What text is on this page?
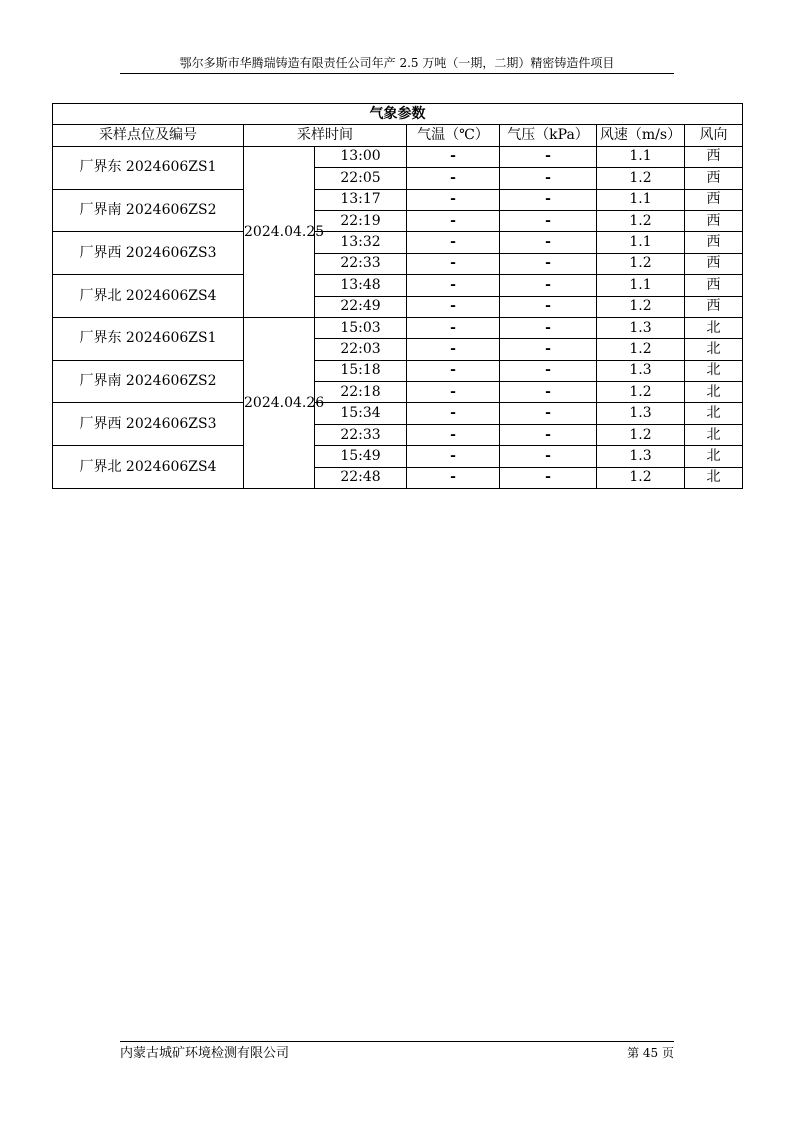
鄂尔多斯市华腾瑞铸造有限责任公司年产 2.5 万吨（一期，二期）精密铸造件项目
气象参数						
采样点位及编号	采样时间		气温（℃）	气压（kPa）	风速（m/s）	风向
厂界东 2024606ZS1	2024.04.25	13:00	-	-	1.1	西
		22:05	-	-	1.2	西
厂界南 2024606ZS2		13:17	-	-	1.1	西
		22:19	-	-	1.2	西
厂界西 2024606ZS3		13:32	-	-	1.1	西
		22:33	-	-	1.2	西
厂界北 2024606ZS4		13:48	-	-	1.1	西
		22:49	-	-	1.2	西
厂界东 2024606ZS1	2024.04.26	15:03	-	-	1.3	北
		22:03	-	-	1.2	北
厂界南 2024606ZS2		15:18	-	-	1.3	北
		22:18	-	-	1.2	北
厂界西 2024606ZS3		15:34	-	-	1.3	北
		22:33	-	-	1.2	北
厂界北 2024606ZS4		15:49	-	-	1.3	北
		22:48	-	-	1.2	北
内蒙古城矿环境检测有限公司	第 45 页
